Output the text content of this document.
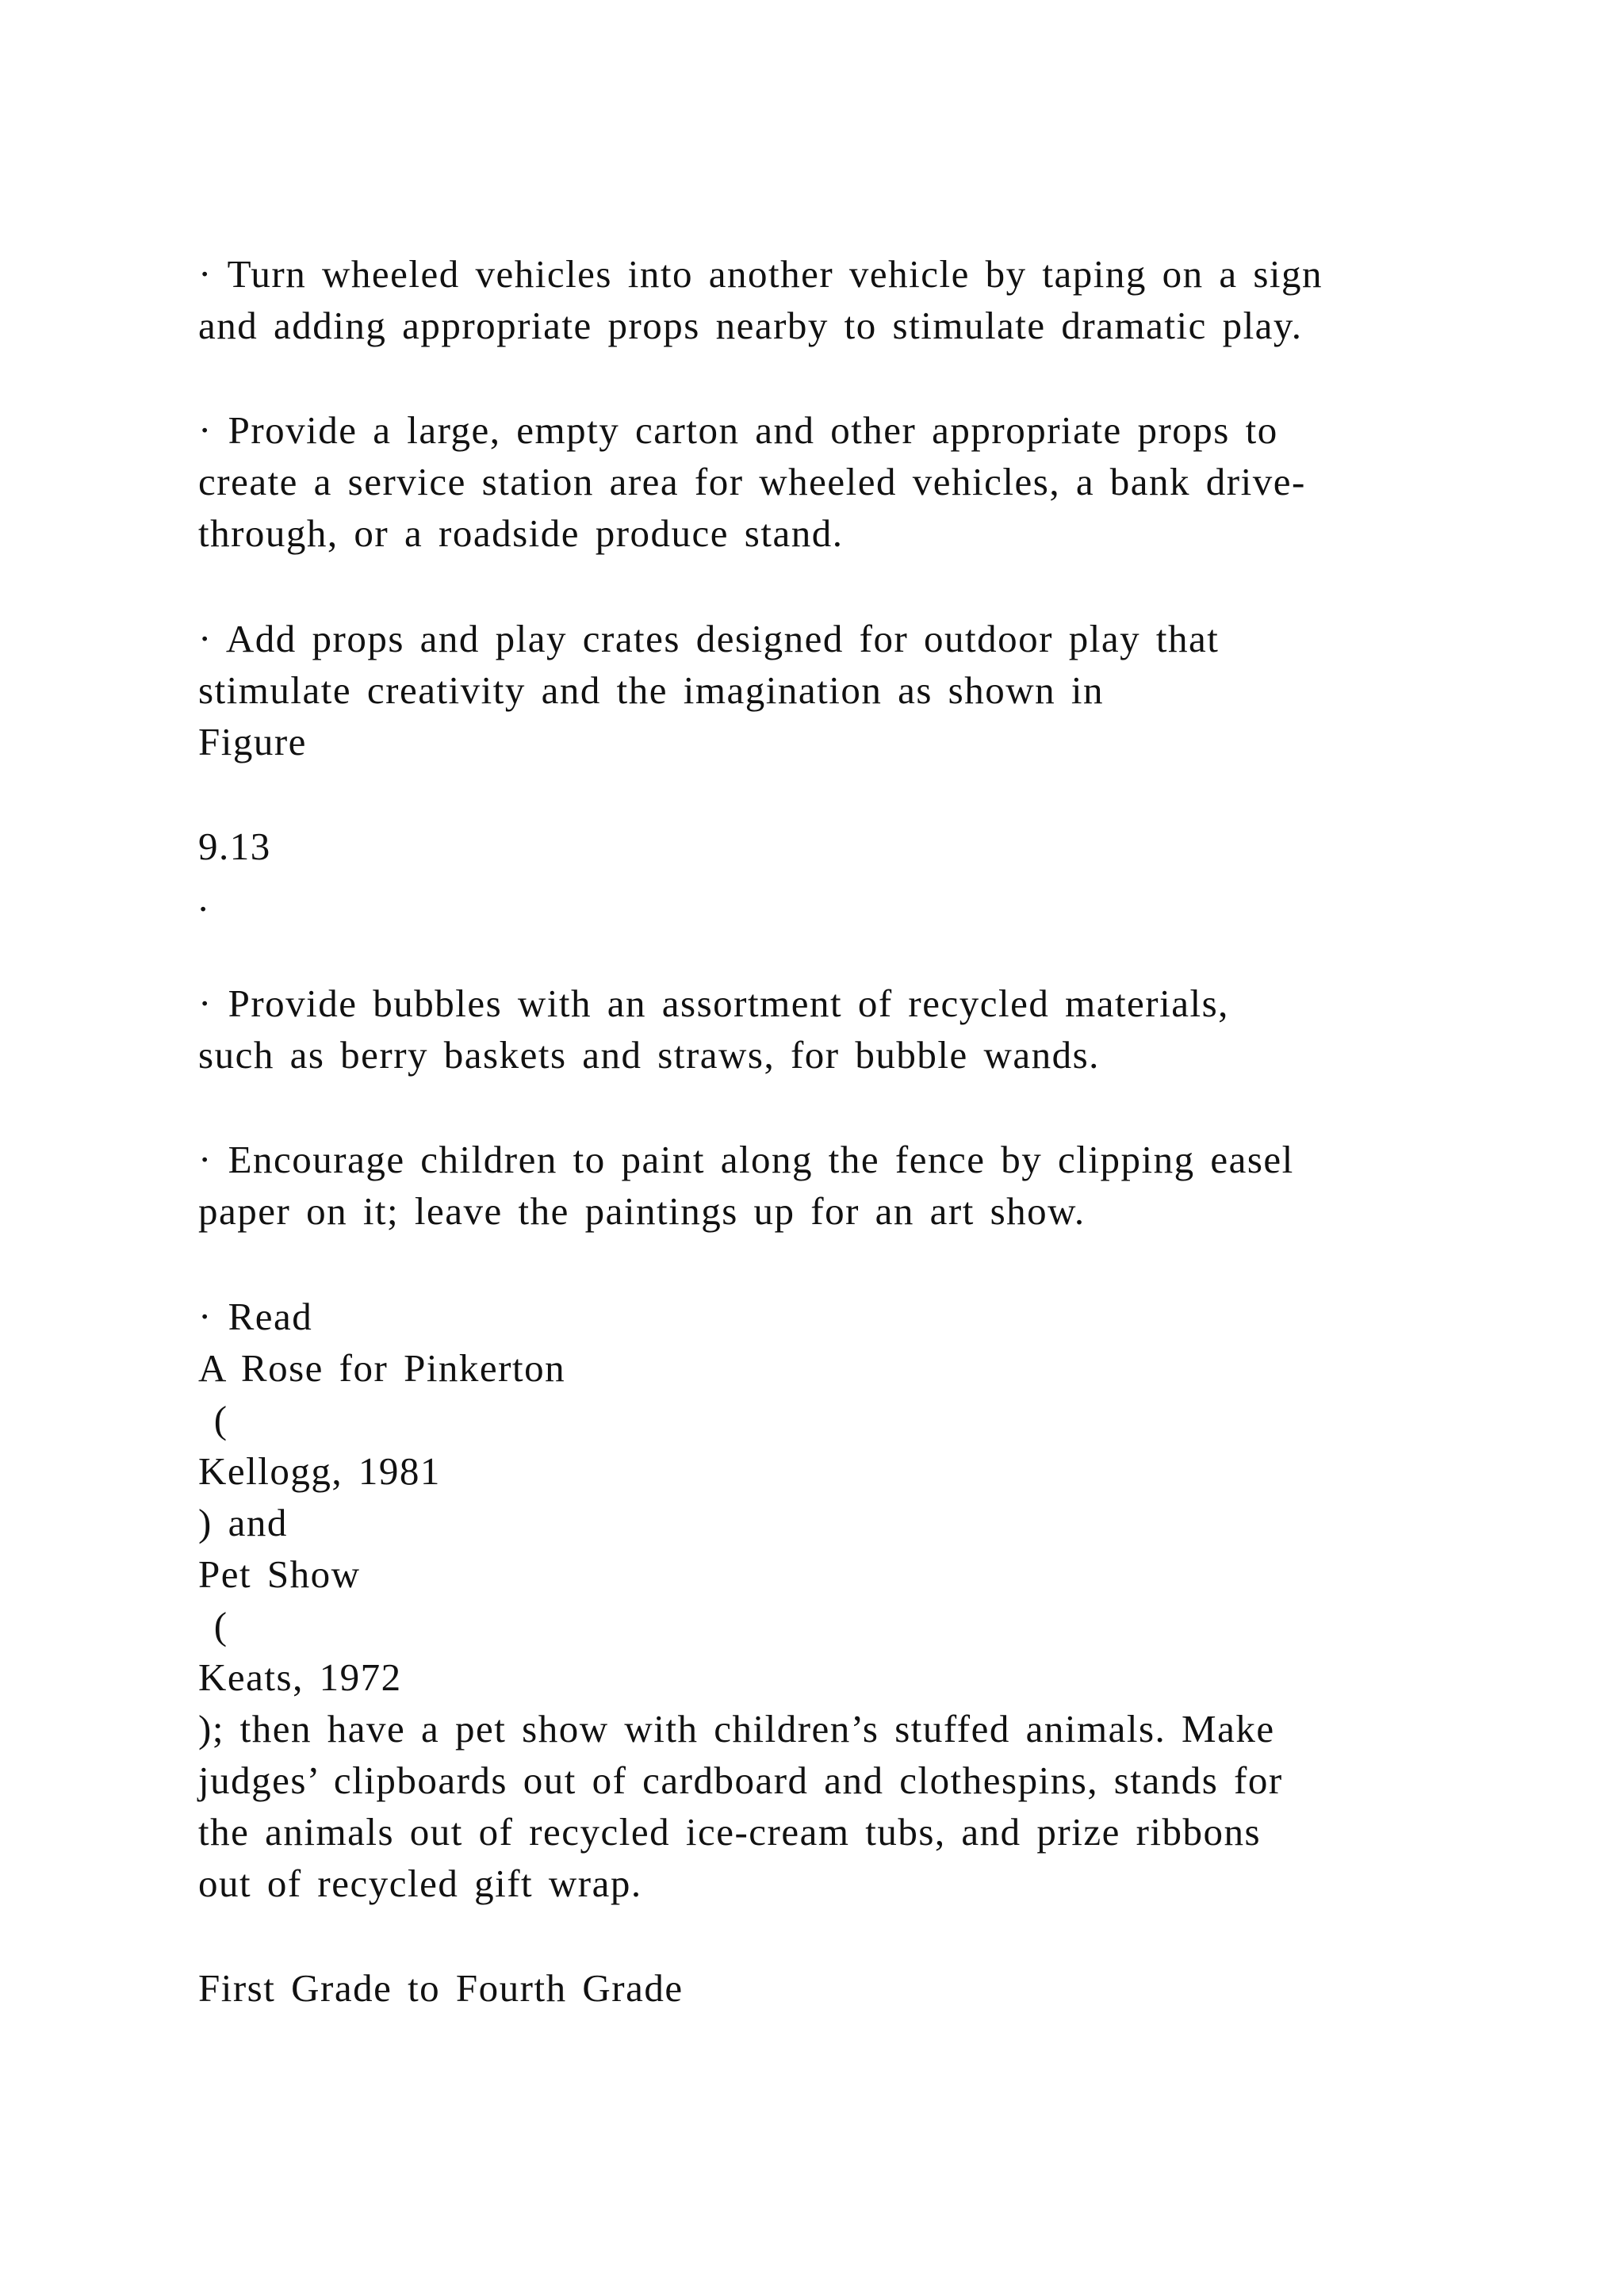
· Turn wheeled vehicles into another vehicle by taping on a sign
and adding appropriate props nearby to stimulate dramatic play.
· Provide a large, empty carton and other appropriate props to
create a service station area for wheeled vehicles, a bank drive-
through, or a roadside produce stand.
· Add props and play crates designed for outdoor play that
stimulate creativity and the imagination as shown in
Figure
9.13
.
· Provide bubbles with an assortment of recycled materials,
such as berry baskets and straws, for bubble wands.
· Encourage children to paint along the fence by clipping easel
paper on it; leave the paintings up for an art show.
· Read
A Rose for Pinkerton
(
Kellogg, 1981
) and
Pet Show
(
Keats, 1972
); then have a pet show with children’s stuffed animals. Make
judges’ clipboards out of cardboard and clothespins, stands for
the animals out of recycled ice-cream tubs, and prize ribbons
out of recycled gift wrap.
First Grade to Fourth Grade
